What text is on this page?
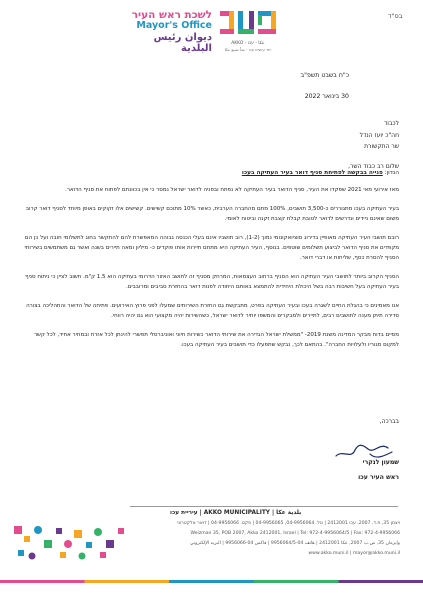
בס"ד
לשכת ראש העיר
Mayor's Office
ديوان رئيس البلدية	AKKO - عكا - עכו
יחד עושים עכו · معاً نصنع عكا
כ"ח בשבט תשפ"ב
30 בינואר 2022
לכבוד
חה"כ יועז הנדל
שר התקשורת
שלום רב כבוד השר,
הנדון: פנייה בבקשה לפתיחת סניף דואר בעיר העתיקה בעכו

מאז אירועי מאי 2021 שפקדו את העיר, סניף הדואר בעיר העתיקה לא נפתח ובפניה לדואר ישראל נמסר כי אין בכוונתם לפתוח את סניף הדואר.

בעיר העתיקה בעכו מתגוררים כ-3,500 תושבים, 100% מתם מהחברה הערבית, כאשר 10% מתוכם קשישים. קשישים אלו זקוקים באופן מיוחד לסניף דואר קרוב משום שאינם ניידים ונדרשים לדואר לטובת קבלת קצבת זקנה וביטוח לאומי.

רובם תושבי העיר העתיקה מאופיין בדירוג סוציואקונומי נמוך (1-2), רוב תושביו אינם בעלי הכנסה גבוהה המאפשרת להם להתקשר בחוג לתשלומי חובה ועל כן הם מקפדים את סניף הדואר לביצוע תשלומים שוטפים. בנוסף, העיר העתיקה היא מתחם תיירות אותו פוקדים כ- מיליון ומאה תיירים בשנה ואשר גם משתמשים בשירותי הסניף להסרת כסף, שליחות או דברי דואר.

הסניף הקרוב ביותר לתושבי העיר העתיקה הוא הסניף ברחוב העצמאות, המרחק מסניף זה לתושב האזור הדרומי בעתיקה הוא 1.5 ק"מ. חשוב לציין כי ניתוח סניף בעיר העתיקה בעל חשיבות רבה בשל היכולת היחידית להתמצא באותם היחודה לפנות דואר בהחזרת סביבים ומרובבים.

אנו מאמינים כי בהגלת החיים לשגרה בעכו ובעיר העתיקה בפרט, מתבקשת גם החזרת השירותים שמעלו לפני פרוץ האירועים. פתיחה של הדואר והתהליכה בצורה סדירה תיתן מענה לתושבים רבים, לתיירים ולמבקרים והמשפו יותיר לדואר ישראל, כשהשירות יהיה מקצועי הוא גם יהיה רווחי.

מסיים בדוח מבקר המדינה משנת 2019- "ממשלת ישראל הגדירה את שירותי הדואר כשירות חיוני ואוניברסלי תפשרי להינתן לכל אזרח ובמחיר אחיד, לכל קשר למקום מגוריו ולעלויות החברה". בהתאם לכך, נבקש שתפעלו כדי תושבים בעיר העתיקה בעכו.

בברכה,
שמעון לנקרי
ראש העיר עכו
עיריית עכו | AKKO MUNICIPALITY | بلدية عكا
ויצמן 35, ת.ד. 2007, עכו 2412001 | טל. 04-9956064, 04-9956065 | פקס. 04-9956066 | דואר אלקטרוני
Weizman 35, POB 2007, Akko 2412001, Israel | Tel: 972-4-9956064/5 | Fax: 972-4-9956066
وايزمان 35, ص.ب 2007, عكا 2412001 | هاتف 04-9956064/5 | فاكس 04-9956066 | البريد الإلكتروني
www.akko.muni.il | mayor@akko.muni.il
